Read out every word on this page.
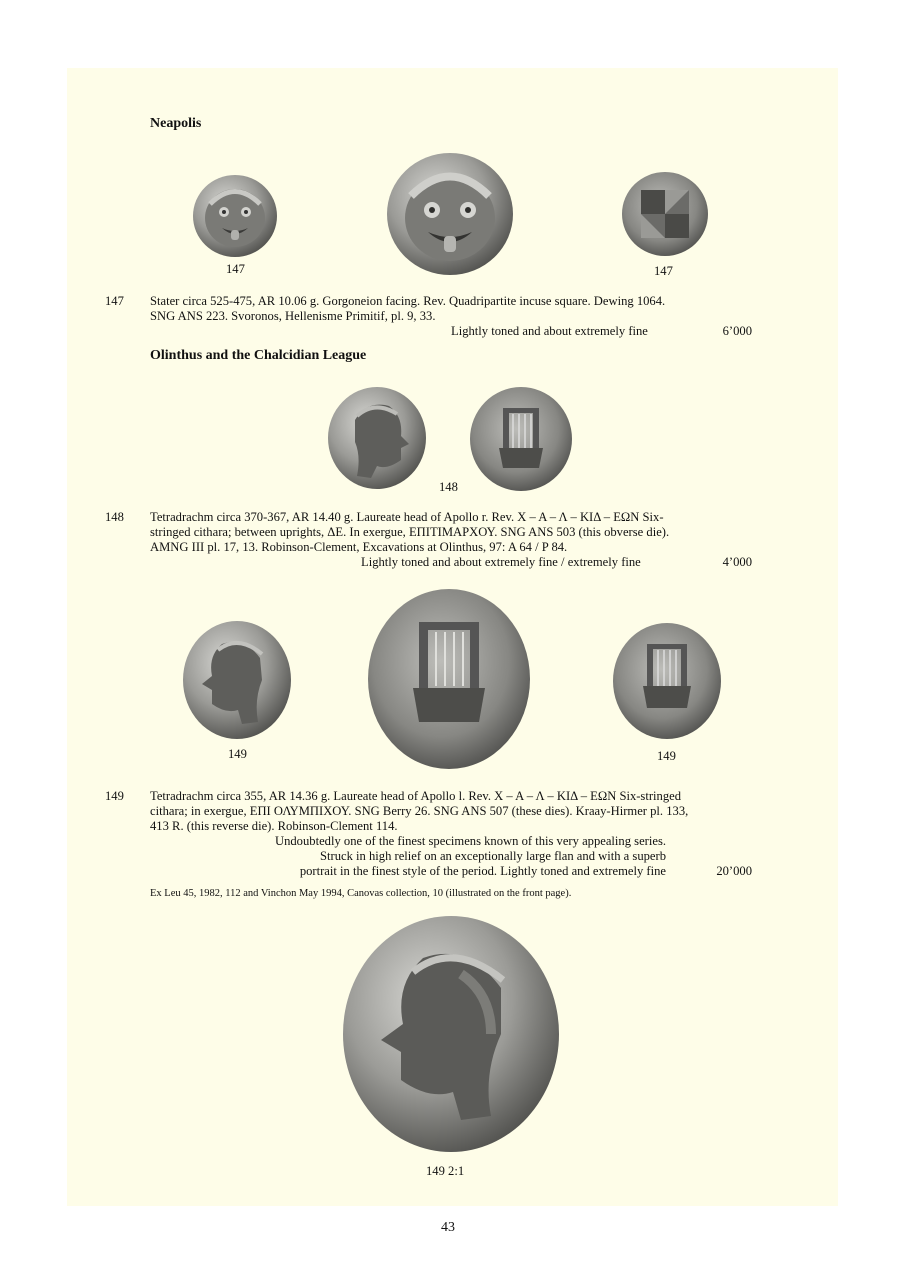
Neapolis
147	147
147	Stater circa 525-475, AR 10.06 g. Gorgoneion facing. Rev. Quadripartite incuse square. Dewing 1064.
SNG ANS 223. Svoronos, Hellenisme Primitif, pl. 9, 33.
Lightly toned and about extremely fine	6’000
Olinthus and the Chalcidian League
148
148	Tetradrachm circa 370-367, AR 14.40 g. Laureate head of Apollo r. Rev. Χ – Α – Λ – ΚΙΔ – ΕΩΝ Six-
stringed cithara; between uprights, ΔΕ. In exergue, ΕΠΙΤΙΜΑΡΧΟΥ. SNG ANS 503 (this obverse die).
AMNG III pl. 17, 13. Robinson-Clement, Excavations at Olinthus, 97: A 64 / P 84.
Lightly toned and about extremely fine / extremely fine	4’000
149	149
149	Tetradrachm circa 355, AR 14.36 g. Laureate head of Apollo l. Rev. Χ – Α – Λ – ΚΙΔ – ΕΩΝ Six-stringed
cithara; in exergue, ΕΠΙ ΟΛΥΜΠΙΧΟΥ. SNG Berry 26. SNG ANS 507 (these dies). Kraay-Hirmer pl. 133,
413 R. (this reverse die). Robinson-Clement 114.
Undoubtedly one of the finest specimens known of this very appealing series.
Struck in high relief on an exceptionally large flan and with a superb
portrait in the finest style of the period. Lightly toned and extremely fine	20’000
Ex Leu 45, 1982, 112 and Vinchon May 1994, Canovas collection, 10 (illustrated on the front page).
149 2:1
43
